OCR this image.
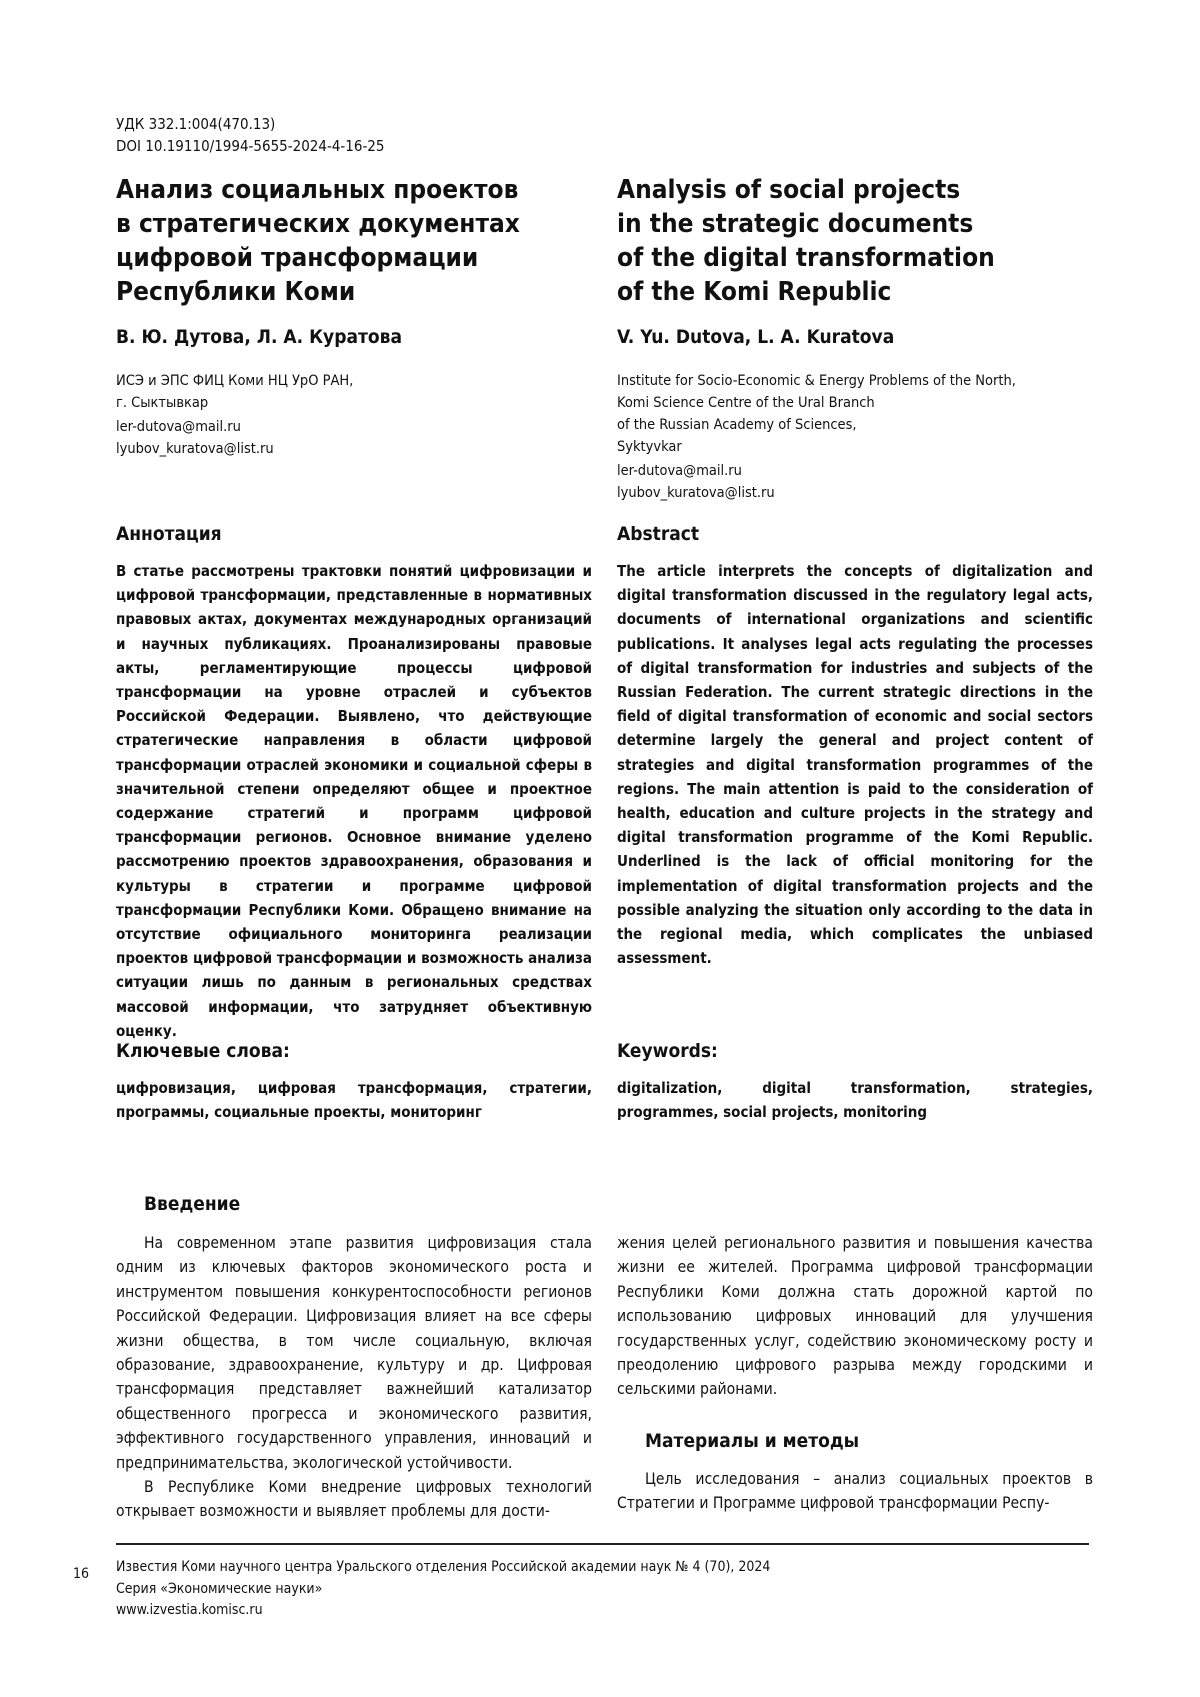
УДК 332.1:004(470.13)
DOI 10.19110/1994-5655-2024-4-16-25
Анализ социальных проектов
в стратегических документах
цифровой трансформации
Республики Коми
В. Ю. Дутова, Л. А. Куратова
ИСЭ и ЭПС ФИЦ Коми НЦ УрО РАН,
г. Сыктывкар
ler-dutova@mail.ru
lyubov_kuratova@list.ru
Analysis of social projects
in the strategic documents
of the digital transformation
of the Komi Republic
V. Yu. Dutova, L. A. Kuratova
Institute for Socio-Economic & Energy Problems of the North,
Komi Science Centre of the Ural Branch
of the Russian Academy of Sciences,
Syktyvkar
ler-dutova@mail.ru
lyubov_kuratova@list.ru
Аннотация	Abstract

В статье рассмотрены трактовки понятий цифровизации и цифровой трансформации, представленные в нормативных правовых актах, документах международных организаций и научных публикациях. Проанализированы правовые акты, регламентирующие процессы цифровой трансформации на уровне отраслей и субъектов Российской Федерации. Выявлено, что действующие стратегические направления в области цифровой трансформации отраслей экономики и социальной сферы в значительной степени определяют общее и проектное содержание стратегий и программ цифровой трансформации регионов. Основное внимание уделено рассмотрению проектов здравоохранения, образования и культуры в стратегии и программе цифровой трансформации Республики Коми. Обращено внимание на отсутствие официального мониторинга реализации проектов цифровой трансформации и возможность анализа ситуации лишь по данным в региональных средствах массовой информации, что затрудняет объективную оценку.

The article interprets the concepts of digitalization and digital transformation discussed in the regulatory legal acts, documents of international organizations and scientific publications. It analyses legal acts regulating the processes of digital transformation for industries and subjects of the Russian Federation. The current strategic directions in the field of digital transformation of economic and social sectors determine largely the general and project content of strategies and digital transformation programmes of the regions. The main attention is paid to the consideration of health, education and culture projects in the strategy and digital transformation programme of the Komi Republic. Underlined is the lack of official monitoring for the implementation of digital transformation projects and the possible analyzing the situation only according to the data in the regional media, which complicates the unbiased assessment.

Ключевые слова:	Keywords:

цифровизация, цифровая трансформация, стратегии, программы, социальные проекты, мониторинг

digitalization, digital transformation, strategies, programmes, social projects, monitoring

Введение

На современном этапе развития цифровизация стала одним из ключевых факторов экономического роста и инструментом повышения конкурентоспособности регионов Российской Федерации. Цифровизация влияет на все сферы жизни общества, в том числе социальную, включая образование, здравоохранение, культуру и др. Цифровая трансформация представляет важнейший катализатор общественного прогресса и экономического развития, эффективного государственного управления, инноваций и предпринимательства, экологической устойчивости.

В Республике Коми внедрение цифровых технологий открывает возможности и выявляет проблемы для дости-

жения целей регионального развития и повышения качества жизни ее жителей. Программа цифровой трансформации Республики Коми должна стать дорожной картой по использованию цифровых инноваций для улучшения государственных услуг, содействию экономическому росту и преодолению цифрового разрыва между городскими и сельскими районами.

Материалы и методы

Цель исследования – анализ социальных проектов в Стратегии и Программе цифровой трансформации Респу-

16 Известия Коми научного центра Уральского отделения Российской академии наук № 4 (70), 2024
Серия «Экономические науки»
www.izvestia.komisc.ru
